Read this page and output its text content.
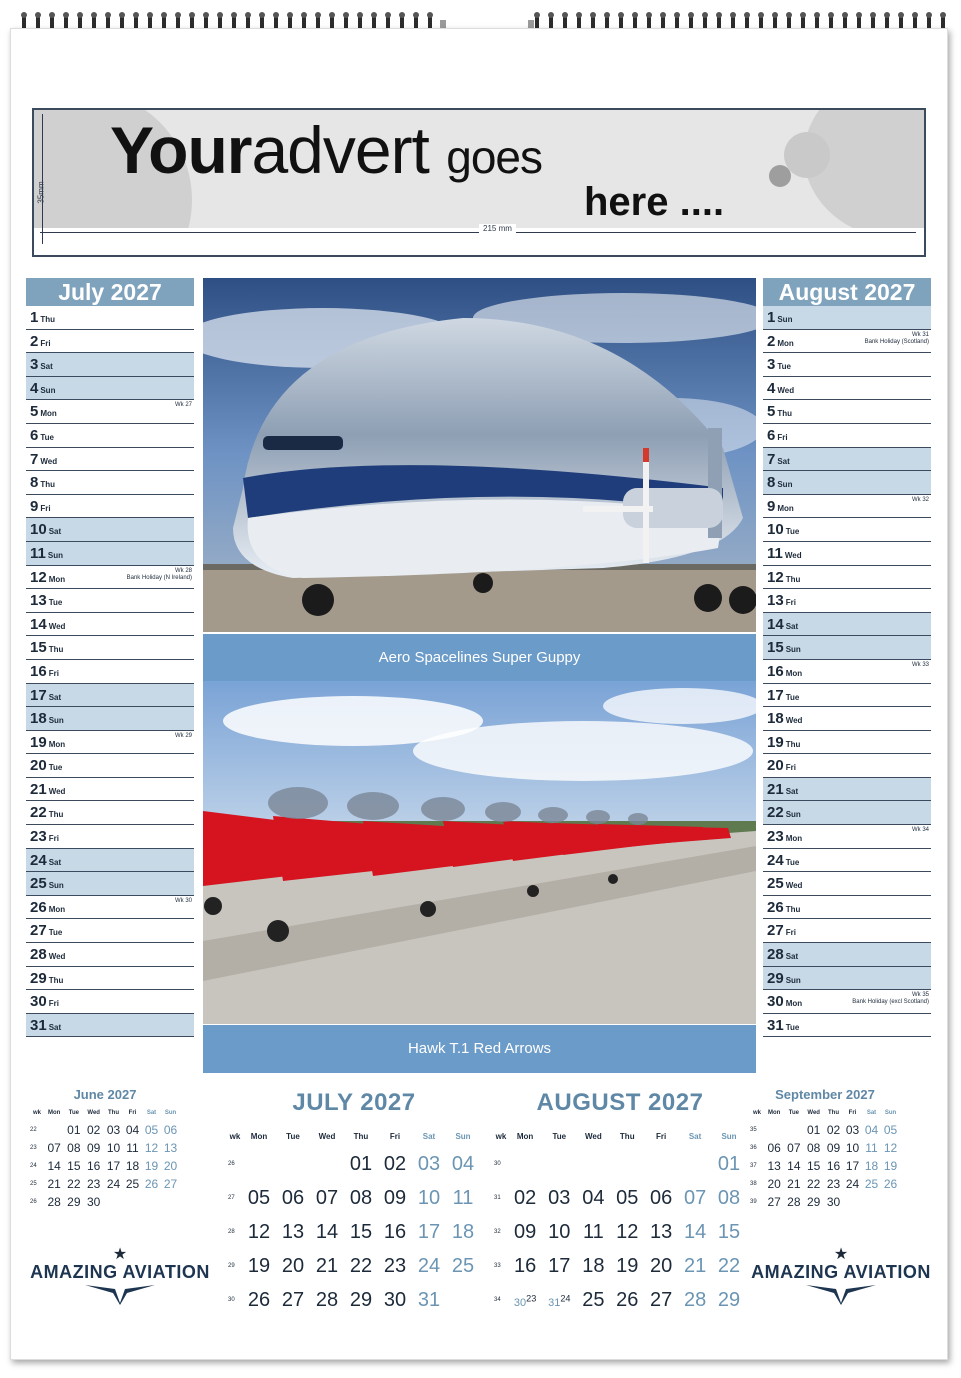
Youradvert goes
here ....
35mm
215 mm
July 2027
1 Thu
2 Fri
3 Sat
4 Sun
5 Mon
Wk 27
6 Tue
7 Wed
8 Thu
9 Fri
10 Sat
11 Sun
12 Mon
Wk 28
Bank Holiday (N Ireland)
13 Tue
14 Wed
15 Thu
16 Fri
17 Sat
18 Sun
19 Mon
Wk 29
20 Tue
21 Wed
22 Thu
23 Fri
24 Sat
25 Sun
26 Mon
Wk 30
27 Tue
28 Wed
29 Thu
30 Fri
31 Sat
August 2027
1 Sun
2 Mon
Wk 31
Bank Holiday (Scotland)
3 Tue
4 Wed
5 Thu
6 Fri
7 Sat
8 Sun
9 Mon
Wk 32
10 Tue
11 Wed
12 Thu
13 Fri
14 Sat
15 Sun
16 Mon
Wk 33
17 Tue
18 Wed
19 Thu
20 Fri
21 Sat
22 Sun
23 Mon
Wk 34
24 Tue
25 Wed
26 Thu
27 Fri
28 Sat
29 Sun
30 Mon
Wk 35
Bank Holiday (excl Scotland)
31 Tue
Aero Spacelines Super Guppy
Hawk T.1 Red Arrows
June 2027
wk	Mon	Tue	Wed	Thu	Fri	Sat	Sun
22		01	02	03	04	05	06
23	07	08	09	10	11	12	13
24	14	15	16	17	18	19	20
25	21	22	23	24	25	26	27
26	28	29	30				
JULY 2027
wk	Mon	Tue	Wed	Thu	Fri	Sat	Sun
26				01	02	03	04
27	05	06	07	08	09	10	11
28	12	13	14	15	16	17	18
29	19	20	21	22	23	24	25
30	26	27	28	29	30	31	
AUGUST 2027
wk	Mon	Tue	Wed	Thu	Fri	Sat	Sun
30							01
31	02	03	04	05	06	07	08
32	09	10	11	12	13	14	15
33	16	17	18	19	20	21	22
34	$30^{23}$	$31^{24}$	25	26	27	28	29
September 2027
wk	Mon	Tue	Wed	Thu	Fri	Sat	Sun
35			01	02	03	04	05
36	06	07	08	09	10	11	12
37	13	14	15	16	17	18	19
38	20	21	22	23	24	25	26
39	27	28	29	30			
★
AMAZING AVIATION
★
AMAZING AVIATION
